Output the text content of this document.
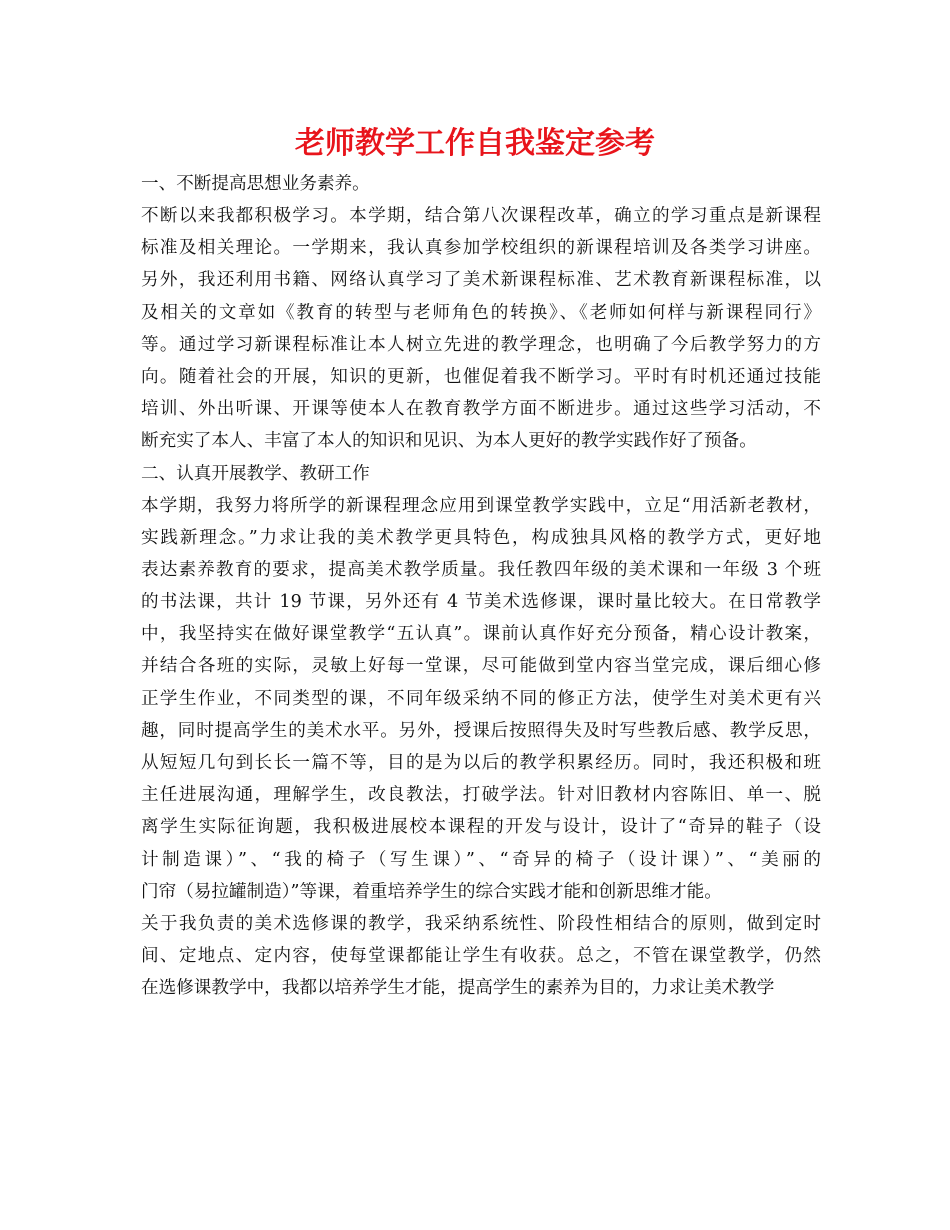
老师教学工作自我鉴定参考
一、不断提高思想业务素养。

不断以来我都积极学习。本学期，结合第八次课程改革，确立的学习重点是新课程
标准及相关理论。一学期来，我认真参加学校组织的新课程培训及各类学习讲座。
另外，我还利用书籍、网络认真学习了美术新课程标准、艺术教育新课程标准，以
及相关的文章如《教育的转型与老师角色的转换》、《老师如何样与新课程同行》
等。通过学习新课程标准让本人树立先进的教学理念，也明确了今后教学努力的方
向。随着社会的开展，知识的更新，也催促着我不断学习。平时有时机还通过技能
培训、外出听课、开课等使本人在教育教学方面不断进步。通过这些学习活动，不
断充实了本人、丰富了本人的知识和见识、为本人更好的教学实践作好了预备。

二、认真开展教学、教研工作

本学期，我努力将所学的新课程理念应用到课堂教学实践中，立足“用活新老教材，
实践新理念。”力求让我的美术教学更具特色，构成独具风格的教学方式，更好地
表达素养教育的要求，提高美术教学质量。我任教四年级的美术课和一年级 3 个班
的书法课，共计 19 节课，另外还有 4 节美术选修课，课时量比较大。在日常教学
中，我坚持实在做好课堂教学“五认真”。课前认真作好充分预备，精心设计教案，
并结合各班的实际，灵敏上好每一堂课，尽可能做到堂内容当堂完成，课后细心修
正学生作业，不同类型的课，不同年级采纳不同的修正方法，使学生对美术更有兴
趣，同时提高学生的美术水平。另外，授课后按照得失及时写些教后感、教学反思，
从短短几句到长长一篇不等，目的是为以后的教学积累经历。同时，我还积极和班
主任进展沟通，理解学生，改良教法，打破学法。针对旧教材内容陈旧、单一、脱
离学生实际征询题，我积极进展校本课程的开发与设计，设计了“奇异的鞋子（设
计制造课）”、“我的椅子（写生课）”、“奇异的椅子（设计课）”、“美丽的
门帘（易拉罐制造）”等课，着重培养学生的综合实践才能和创新思维才能。

关于我负责的美术选修课的教学，我采纳系统性、阶段性相结合的原则，做到定时
间、定地点、定内容，使每堂课都能让学生有收获。总之，不管在课堂教学，仍然
在选修课教学中，我都以培养学生才能，提高学生的素养为目的，力求让美术教学
